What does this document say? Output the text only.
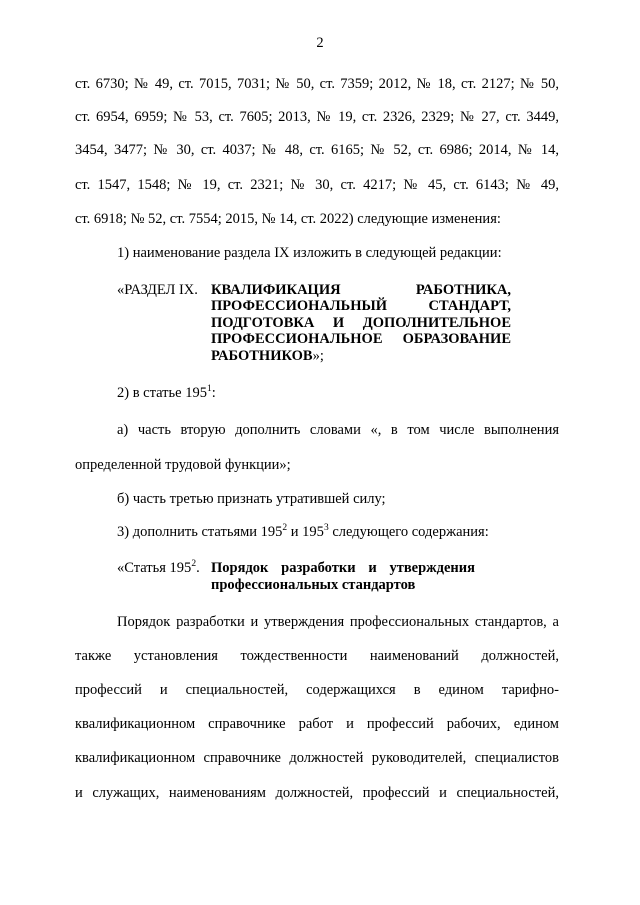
2
ст. 6730; № 49, ст. 7015, 7031; № 50, ст. 7359; 2012, № 18, ст. 2127; № 50,
ст. 6954, 6959; № 53, ст. 7605; 2013, № 19, ст. 2326, 2329; № 27, ст. 3449,
3454, 3477; № 30, ст. 4037; № 48, ст. 6165; № 52, ст. 6986; 2014, № 14,
ст. 1547, 1548; № 19, ст. 2321; № 30, ст. 4217; № 45, ст. 6143; № 49,
ст. 6918; № 52, ст. 7554; 2015, № 14, ст. 2022) следующие изменения:
1) наименование раздела IX изложить в следующей редакции:
«РАЗДЕЛ IX. КВАЛИФИКАЦИЯ РАБОТНИКА,
ПРОФЕССИОНАЛЬНЫЙ СТАНДАРТ,
ПОДГОТОВКА И ДОПОЛНИТЕЛЬНОЕ
ПРОФЕССИОНАЛЬНОЕ ОБРАЗОВАНИЕ
РАБОТНИКОВ»;
2) в статье $195^1$:
а) часть вторую дополнить словами «, в том числе выполнения
определенной трудовой функции»;
б) часть третью признать утратившей силу;
3) дополнить статьями $195^2$ и $195^3$ следующего содержания:
«Статья $195^2$. Порядок разработки и утверждения
профессиональных стандартов
Порядок разработки и утверждения профессиональных стандартов, а
также установления тождественности наименований должностей,
профессий и специальностей, содержащихся в едином тарифно-
квалификационном справочнике работ и профессий рабочих, едином
квалификационном справочнике должностей руководителей, специалистов
и служащих, наименованиям должностей, профессий и специальностей,
